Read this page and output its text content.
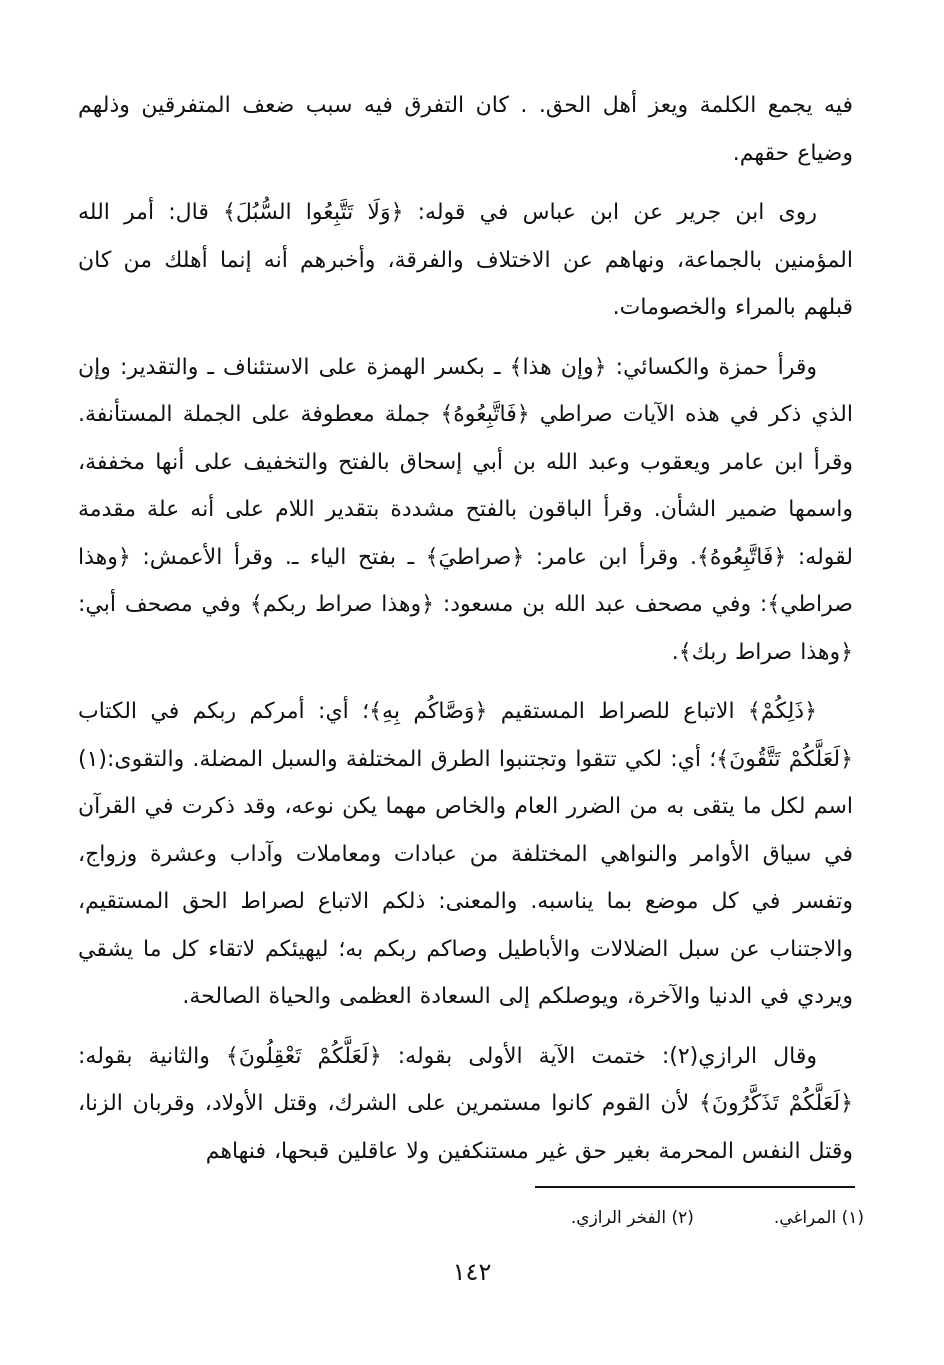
فيه يجمع الكلمة ويعز أهل الحق. . كان التفرق فيه سبب ضعف المتفرقين وذلهم وضياع حقهم.

روى ابن جرير عن ابن عباس في قوله: ﴿وَلَا تَتَّبِعُوا السُّبُلَ﴾ قال: أمر الله المؤمنين بالجماعة، ونهاهم عن الاختلاف والفرقة، وأخبرهم أنه إنما أهلك من كان قبلهم بالمراء والخصومات.

وقرأ حمزة والكسائي: ﴿وإن هذا﴾ ـ بكسر الهمزة على الاستئناف ـ والتقدير: وإن الذي ذكر في هذه الآيات صراطي ﴿فَاتَّبِعُوهُ﴾ جملة معطوفة على الجملة المستأنفة. وقرأ ابن عامر ويعقوب وعبد الله بن أبي إسحاق بالفتح والتخفيف على أنها مخففة، واسمها ضمير الشأن. وقرأ الباقون بالفتح مشددة بتقدير اللام على أنه علة مقدمة لقوله: ﴿فَاتَّبِعُوهُ﴾. وقرأ ابن عامر: ﴿صراطيَ﴾ ـ بفتح الياء ـ. وقرأ الأعمش: ﴿وهذا صراطي﴾: وفي مصحف عبد الله بن مسعود: ﴿وهذا صراط ربكم﴾ وفي مصحف أبي: ﴿وهذا صراط ربك﴾.

﴿ذَلِكُمْ﴾ الاتباع للصراط المستقيم ﴿وَصَّاكُم بِهِ﴾؛ أي: أمركم ربكم في الكتاب ﴿لَعَلَّكُمْ تَتَّقُونَ﴾؛ أي: لكي تتقوا وتجتنبوا الطرق المختلفة والسبل المضلة. والتقوى:(١) اسم لكل ما يتقى به من الضرر العام والخاص مهما يكن نوعه، وقد ذكرت في القرآن في سياق الأوامر والنواهي المختلفة من عبادات ومعاملات وآداب وعشرة وزواج، وتفسر في كل موضع بما يناسبه. والمعنى: ذلكم الاتباع لصراط الحق المستقيم، والاجتناب عن سبل الضلالات والأباطيل وصاكم ربكم به؛ ليهيئكم لاتقاء كل ما يشقي ويردي في الدنيا والآخرة، ويوصلكم إلى السعادة العظمى والحياة الصالحة.

وقال الرازي(٢): ختمت الآية الأولى بقوله: ﴿لَعَلَّكُمْ تَعْقِلُونَ﴾ والثانية بقوله: ﴿لَعَلَّكُمْ تَذَكَّرُونَ﴾ لأن القوم كانوا مستمرين على الشرك، وقتل الأولاد، وقربان الزنا، وقتل النفس المحرمة بغير حق غير مستنكفين ولا عاقلين قبحها، فنهاهم

(١) المراغي.
(٢) الفخر الرازي.
١٤٢
